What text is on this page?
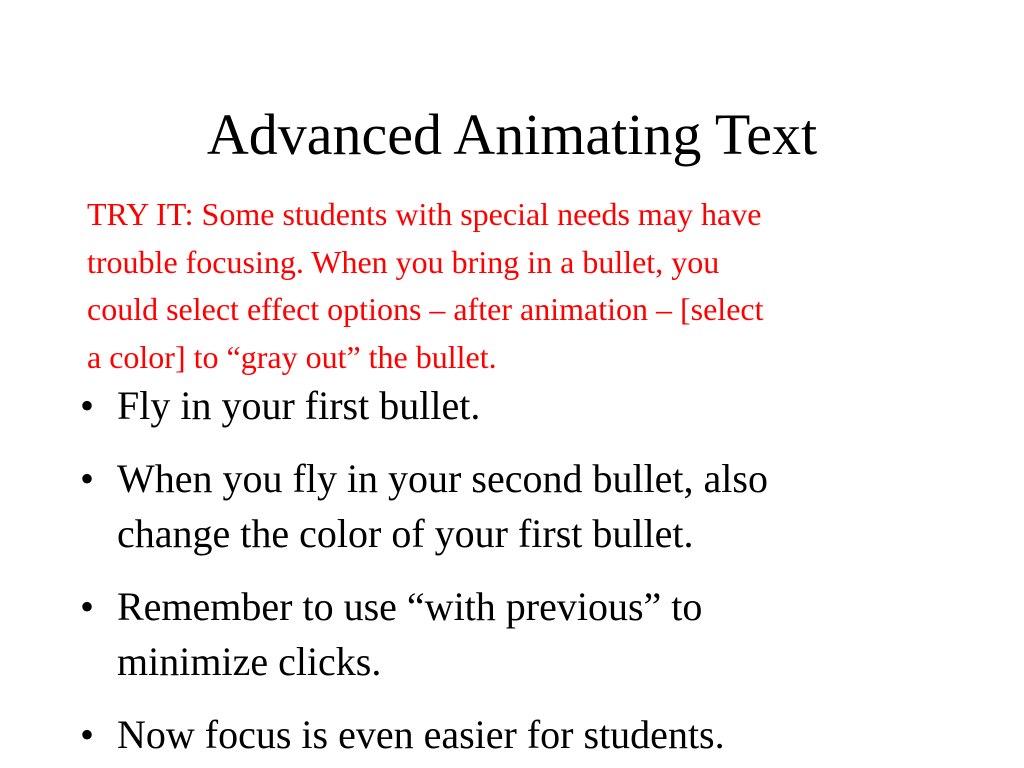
Advanced Animating Text
TRY IT: Some students with special needs may have
trouble focusing. When you bring in a bullet, you
could select effect options – after animation – [select
a color] to “gray out” the bullet.
• Fly in your first bullet.
• When you fly in your second bullet, also
change the color of your first bullet.
• Remember to use “with previous” to
minimize clicks.
• Now focus is even easier for students.
